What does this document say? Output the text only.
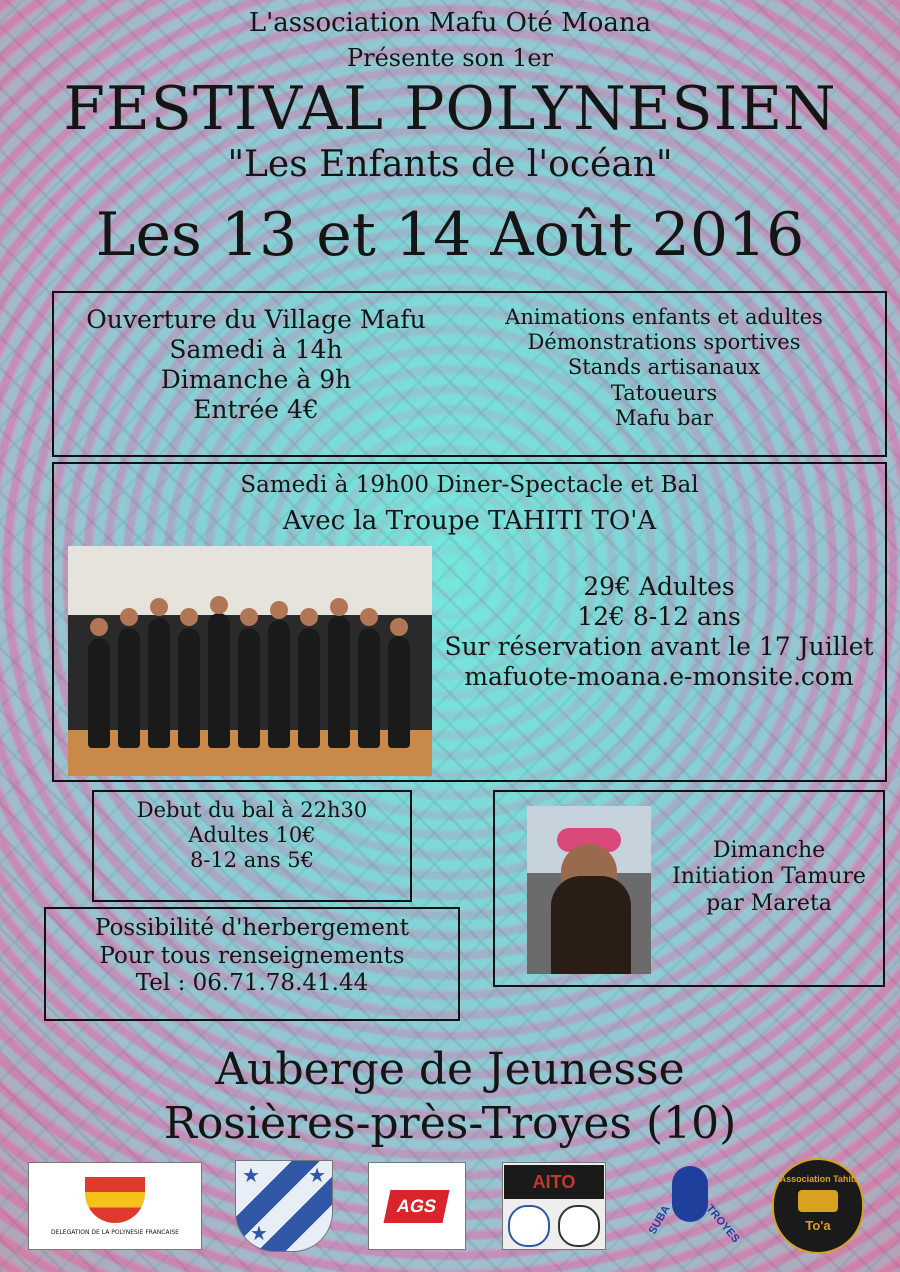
L'association Mafu Oté Moana
Présente son 1er
FESTIVAL POLYNESIEN
"Les Enfants de l'océan"
Les 13 et 14 Août 2016
Ouverture du Village Mafu
Samedi à 14h
Dimanche à 9h
Entrée 4€
Animations enfants et adultes
Démonstrations sportives
Stands artisanaux
Tatoueurs
Mafu bar
Samedi à 19h00 Diner-Spectacle et Bal
Avec la Troupe TAHITI TO'A
29€ Adultes
12€ 8-12 ans
Sur réservation avant le 17 Juillet
mafuote-moana.e-monsite.com
Debut du bal à 22h30
Adultes 10€
8-12 ans 5€
Possibilité d'herbergement
Pour tous renseignements
Tel : 06.71.78.41.44
Dimanche
Initiation Tamure
par Mareta
Auberge de Jeunesse
Rosières-près-Troyes (10)
DELEGATION DE LA POLYNESIE FRANCAISE
★ ★
★
AGS
AITO
SUBA	TROYES
Association Tahiti
To'a
